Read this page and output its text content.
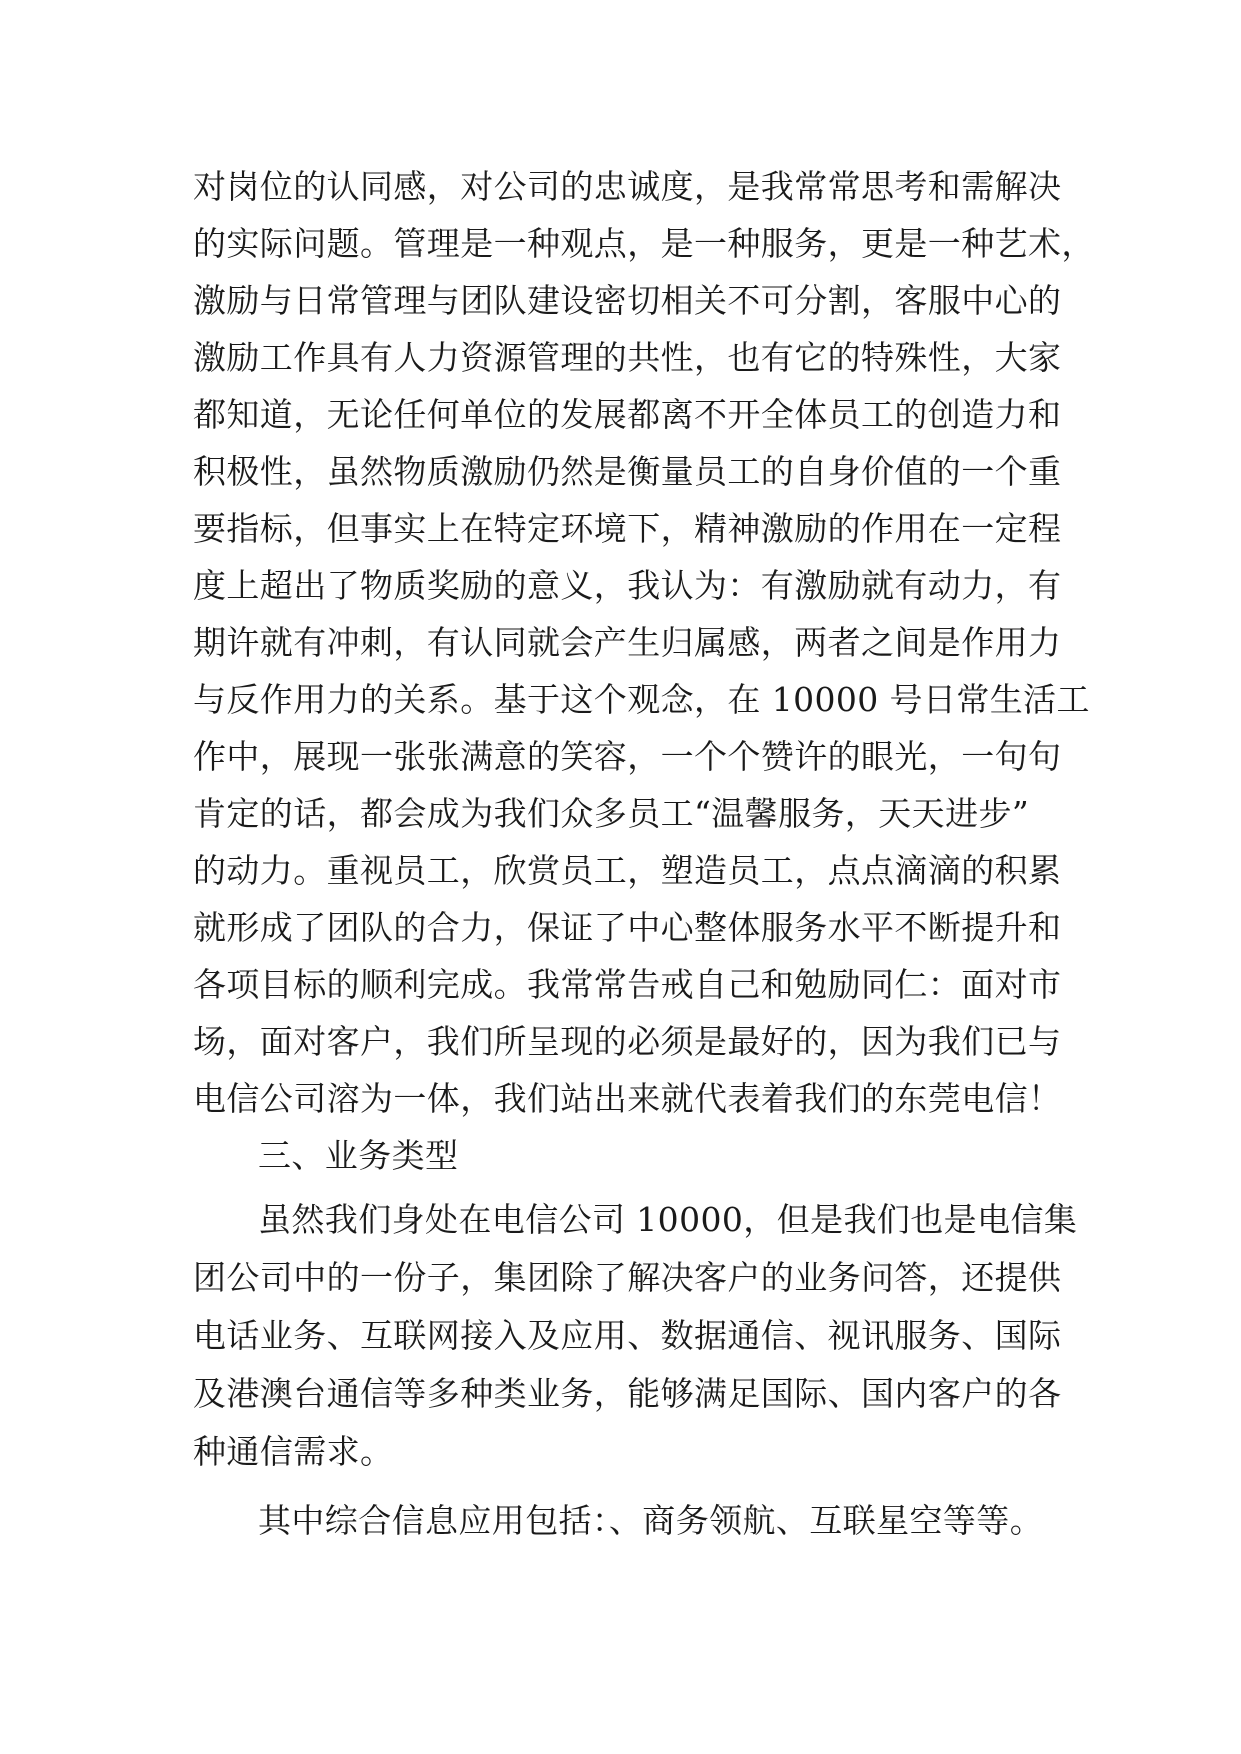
对岗位的认同感，对公司的忠诚度，是我常常思考和需解决
的实际问题。管理是一种观点，是一种服务，更是一种艺术，
激励与日常管理与团队建设密切相关不可分割，客服中心的
激励工作具有人力资源管理的共性，也有它的特殊性，大家
都知道，无论任何单位的发展都离不开全体员工的创造力和
积极性，虽然物质激励仍然是衡量员工的自身价值的一个重
要指标，但事实上在特定环境下，精神激励的作用在一定程
度上超出了物质奖励的意义，我认为：有激励就有动力，有
期许就有冲刺，有认同就会产生归属感，两者之间是作用力
与反作用力的关系。基于这个观念，在 10000 号日常生活工
作中，展现一张张满意的笑容，一个个赞许的眼光，一句句
肯定的话，都会成为我们众多员工“温馨服务，天天进步”
的动力。重视员工，欣赏员工，塑造员工，点点滴滴的积累
就形成了团队的合力，保证了中心整体服务水平不断提升和
各项目标的顺利完成。我常常告戒自己和勉励同仁：面对市
场，面对客户，我们所呈现的必须是最好的，因为我们已与
电信公司溶为一体，我们站出来就代表着我们的东莞电信！
三、业务类型
虽然我们身处在电信公司 10000，但是我们也是电信集
团公司中的一份子，集团除了解决客户的业务问答，还提供
电话业务、互联网接入及应用、数据通信、视讯服务、国际
及港澳台通信等多种类业务，能够满足国际、国内客户的各
种通信需求。
其中综合信息应用包括：、商务领航、互联星空等等。
